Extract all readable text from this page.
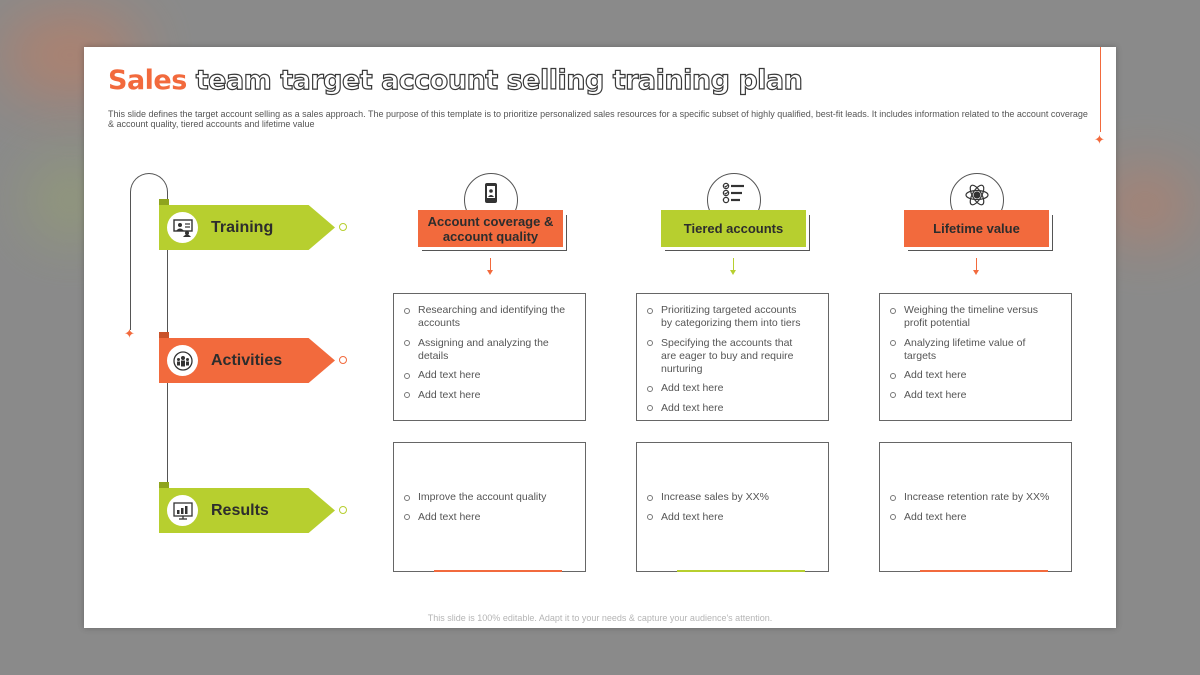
Sales team target account selling training plan

This slide defines the target account selling as a sales approach. The purpose of this template is to prioritize personalized sales resources for a specific subset of highly qualified, best-fit leads. It includes information related to the account coverage & account quality, tiered accounts and lifetime value

✦
✦
Training
Activities
Results
Account coverage & account quality
Researching and identifying the accounts
Assigning and analyzing the details
Add text here
Add text here
Improve the account quality
Add text here
Tiered accounts
Prioritizing targeted accounts by categorizing them into tiers
Specifying the accounts that are eager to buy and require nurturing
Add text here
Add text here
Increase sales by XX%
Add text here
Lifetime value
Weighing the timeline versus profit potential
Analyzing lifetime value of targets
Add text here
Add text here
Increase retention rate by XX%
Add text here
This slide is 100% editable. Adapt it to your needs & capture your audience's attention.
